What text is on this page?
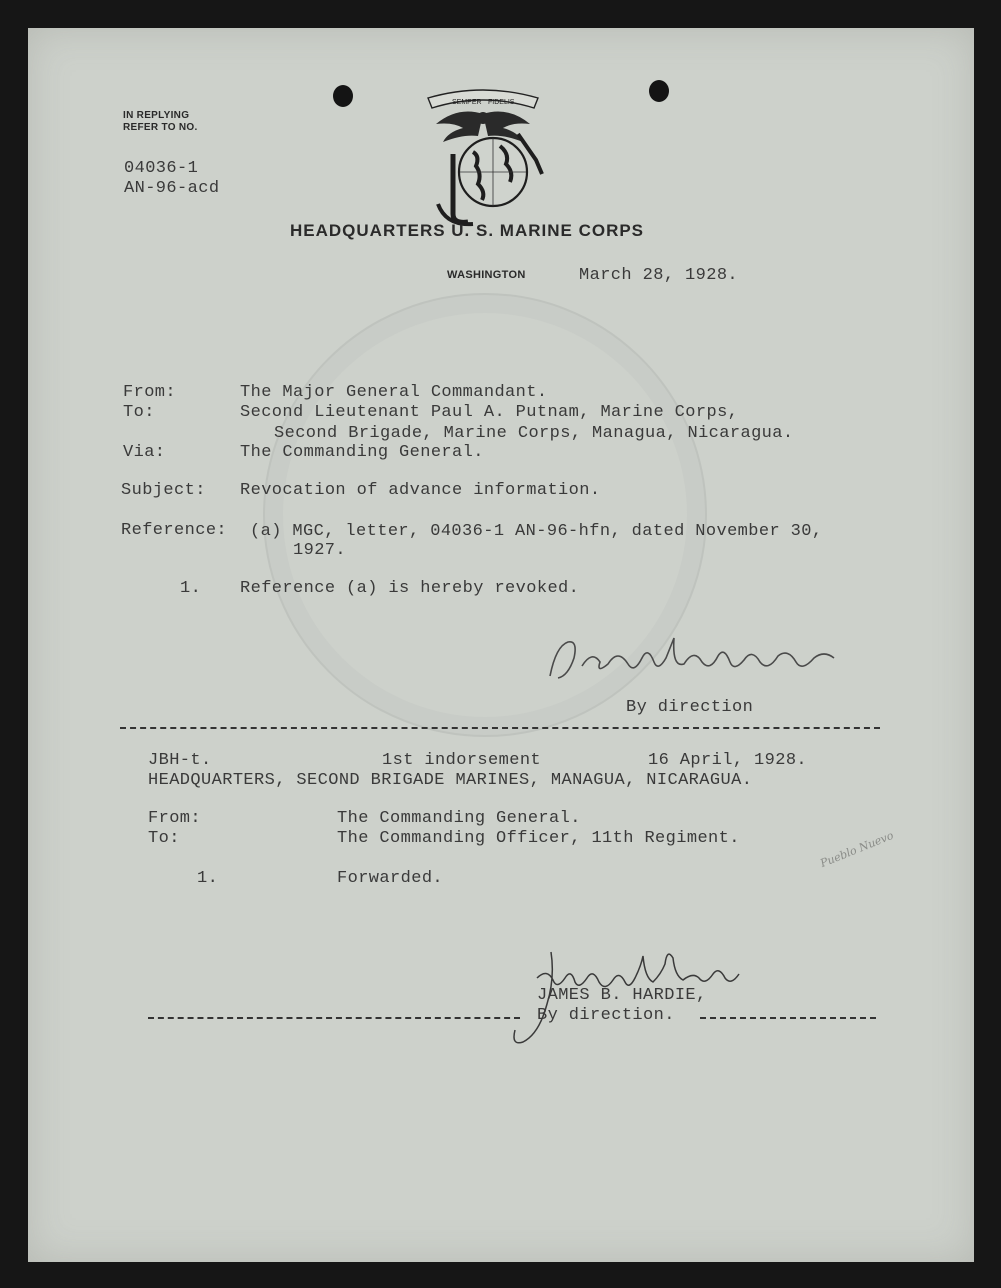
IN REPLYING
REFER TO NO.
04036-1
AN-96-acd
SEMPER FIDELIS
HEADQUARTERS U. S. MARINE CORPS
WASHINGTON	March 28, 1928.
From:	The Major General Commandant.
To:	Second Lieutenant Paul A. Putnam, Marine Corps,
Second Brigade, Marine Corps, Managua, Nicaragua.
Via:	The Commanding General.
Subject: Revocation of advance information.
Reference: (a) MGC, letter, 04036-1 AN-96-hfn, dated November 30,
1927.
1. Reference (a) is hereby revoked.
By direction
JBH-t.	1st indorsement	16 April, 1928.
HEADQUARTERS, SECOND BRIGADE MARINES, MANAGUA, NICARAGUA.
From:	The Commanding General.
To:	The Commanding Officer, 11th Regiment.
1.	Forwarded.
Pueblo Nuevo
JAMES B. HARDIE,
By direction.
